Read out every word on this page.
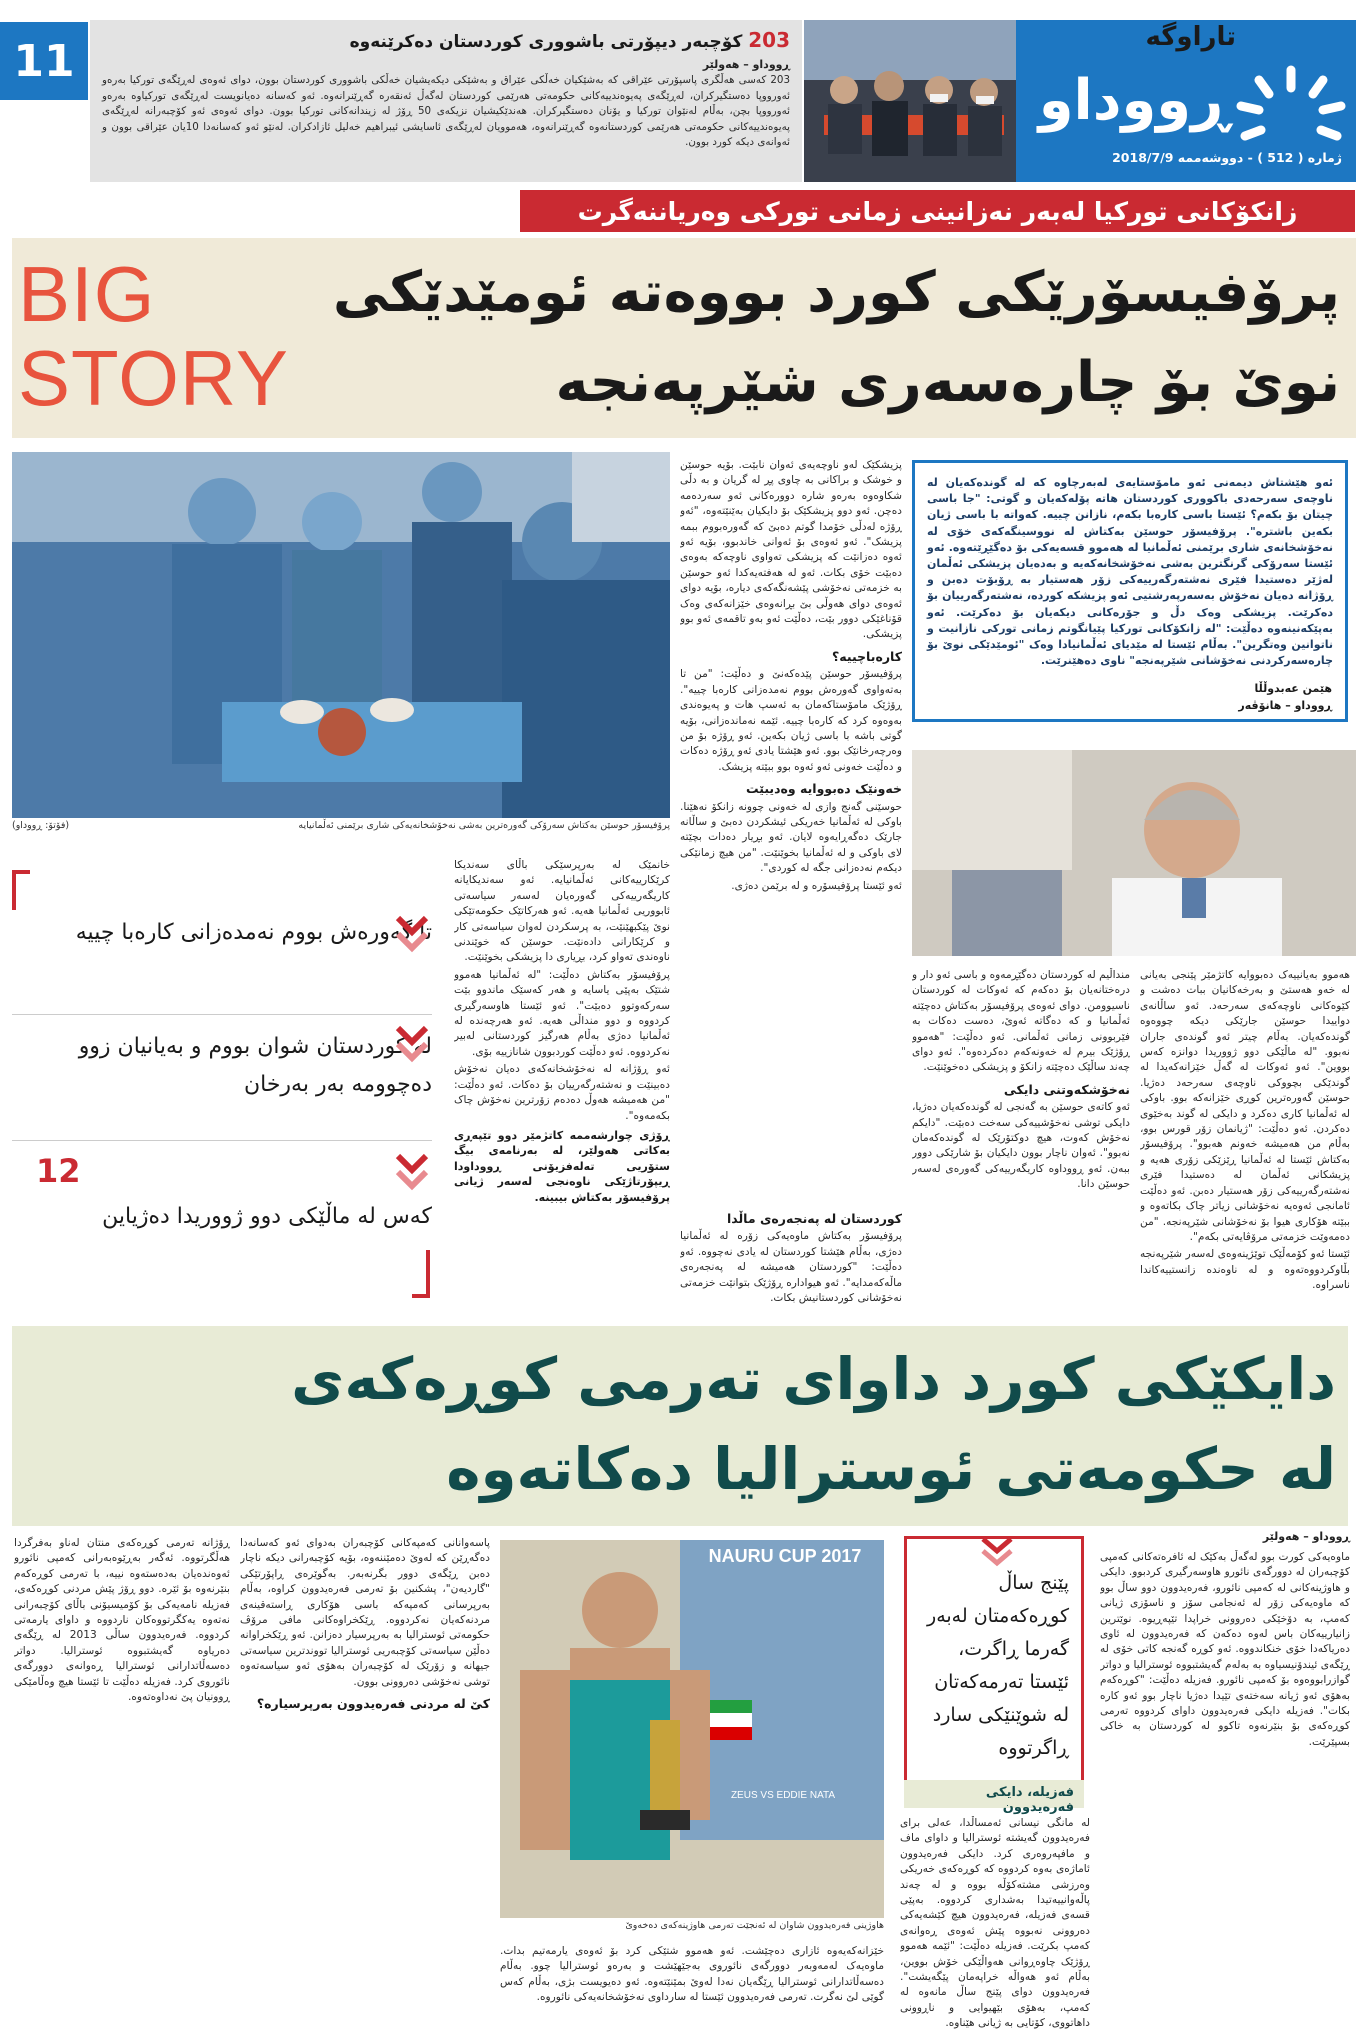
11	203 کۆچبەر دیپۆرتی باشووری کوردستان دەکرێنەوە
ڕووداو – هەولێر
203 کەسی هەڵگری پاسپۆرتی عێراقی کە بەشێکیان خەڵکی عێراق و بەشێکی دیکەیشیان خەڵکی باشووری کوردستان بوون، دوای ئەوەی لەڕێگەی تورکیا بەرەو ئەورووپا دەستگیرکران، لەڕێگەی پەیوەندییەکانی حکومەتی هەرێمی کوردستان لەگەڵ ئەنقەرە گەڕێنرانەوە. ئەو کەسانە دەیانویست لەڕێگەی تورکیاوە بەرەو ئەورووپا بچن، بەڵام لەنێوان تورکیا و یۆنان دەستگیرکران. هەندێکیشیان نزیکەی 50 ڕۆژ لە زیندانەکانی تورکیا بوون. دوای ئەوەی ئەو کۆچبەرانە لەڕێگەی پەیوەندییەکانی حکومەتی هەرێمی کوردستانەوە گەڕێنرانەوە، هەموویان لەڕێگەی ئاسایشی ئیبراهیم خەلیل ئازادکران. لەنێو ئەو کەسانەدا 10یان عێراقی بوون و ئەوانەی دیکە کورد بوون.
تاراوگە
ڕووداو
ژمارە ( 512 ) - دووشەممە 2018/7/9
زانکۆکانی تورکیا لەبەر نەزانینی زمانی تورکی وەریاننەگرت
BIG
STORY
پرۆفیسۆرێکی کورد بووەتە ئومێدێکی
نوێ بۆ چارەسەری شێرپەنجە
پرۆفیسۆر حوسێن بەکتاش سەرۆکی گەورەترین بەشی نەخۆشخانەیەکی شاری برێمنی ئەڵمانیایە
(فۆتۆ: ڕووداو)
پزیشکێک لەو ناوچەیەی ئەوان نابێت. بۆیە حوسێن و خوشک و براکانی بە چاوی پڕ لە گریان و بە دڵی شکاوەوە بەرەو شارە دوورەکانی ئەو سەردەمە دەچن. ئەو دوو پزیشکێک بۆ دایکیان بەێنێتەوە، "ئەو ڕۆژە لەدڵی خۆمدا گوتم دەبێ کە گەورەبووم ببمە پزیشک". ئەو ئەوەی بۆ ئەوانی خاندبوو، بۆیە ئەو ئەوە دەزانێت کە پزیشکی تەواوی ناوچەکە بەوەی دەبێت خۆی بکات. ئەو لە هەفتەیەکدا ئەو حوسێن بە خزمەتی نەخۆشی پێشەنگەکەی دیارە، بۆیە دوای ئەوەی دوای هەوڵی بێ بڕانەوەی خێزانەکەی وەک قۆناغێکی دوور بێت، دەڵێت ئەو بەو تاقمەی ئەو بوو پزیشکی.
کارەباچییە؟
پرۆفیسۆر حوسێن پێدەکەنێ و دەڵێت: "من تا بەتەواوی گەورەش بووم نەمدەزانی کارەبا چییە". ڕۆژێک مامۆستاکەمان بە ئەسپ هات و پەیوەندی بەوەوە کرد کە کارەبا چییە. ئێمە نەماندەزانی، بۆیە گوتی باشە با باسی ژیان بکەین. ئەو ڕۆژە بۆ من وەرچەرخانێک بوو. ئەو هێشتا یادی ئەو ڕۆژە دەکات و دەڵێت خەونی ئەو ئەوە بوو ببێتە پزیشک.
خەونێک دەبووایە وەدیبێت
حوسێنی گەنج وازی لە خەونی چوونە زانکۆ نەهێنا. باوکی لە ئەڵمانیا خەریکی ئیشکردن دەبێ و ساڵانە جارێک دەگەڕایەوە لایان. ئەو بڕیار دەدات بچێتە لای باوکی و لە ئەڵمانیا بخوێنێت. "من هیچ زمانێکی دیکەم نەدەزانی جگە لە کوردی".
ئەو ئێستا پرۆفیسۆرە و لە برێمن دەژی.
ئەو هێشتاش دیمەنی ئەو مامۆستایەی لەبەرچاوە کە لە گوندەکەیان لە ناوچەی سەرحەدی باکووری کوردستان هاتە پۆلەکەیان و گوتی: "جا باسی چیتان بۆ بکەم؟ ئێستا باسی کارەبا بکەم، نازانن چییە. کەواتە با باسی ژیان بکەین باشترە". پرۆفیسۆر حوسێن بەکتاش لە نووسینگەکەی خۆی لە نەخۆشخانەی شاری برێمنی ئەڵمانیا لە هەموو قسەیەکی بۆ دەگێڕێتەوە. ئەو ئێستا سەرۆکی گرنگترین بەشی نەخۆشخانەکەیە و بەدەیان پزیشکی ئەڵمان لەژێر دەستیدا فێری نەشتەرگەرییەکی زۆر هەستیار بە ڕۆبۆت دەبن و ڕۆژانە دەیان نەخۆش بەسەرپەرشتیی ئەو پزیشکە کوردە، نەشتەرگەرییان بۆ دەکرێت. پزیشکی وەک دڵ و جۆرەکانی دیکەیان بۆ دەکرێت. ئەو بەپێکەنینەوە دەڵێت: "لە زانکۆکانی تورکیا پێیانگوتم زمانی تورکی نازانیت و ناتوانین وەتگرین". بەڵام ئێستا لە مێدیای ئەڵمانیادا وەک "ئومێدێکی نوێ بۆ چارەسەرکردنی نەخۆشانی شێرپەنجە" ناوی دەهێنرێت.
هێمن عەبدوڵڵا
ڕووداو – هانۆڤەر
هەموو بەیانییەک دەبووایە کاتژمێر پێنجی بەیانی لە خەو هەستێ و بەرخەکانیان ببات دەشت و کێوەکانی ناوچەکەی سەرحەد. ئەو ساڵانەی دواییدا حوسێن جارێکی دیکە چووەوە گوندەکەیان. بەڵام چیتر ئەو گوندەی جاران نەبوو. "لە ماڵێکی دوو ژووریدا دوانزە کەس بووین". ئەو ئەوکات لە گەڵ خێزانەکەیدا لە گوندێکی بچووکی ناوچەی سەرحەد دەژیا. حوسێن گەورەترین کوڕی خێزانەکە بوو. باوکی لە ئەڵمانیا کاری دەکرد و دایکی لە گوند بەخێوی دەکردن. ئەو دەڵێت: "ژیانمان زۆر قورس بوو، بەڵام من هەمیشە خەونم هەبوو". پرۆفیسۆر بەکتاش ئێستا لە ئەڵمانیا ڕێزێکی زۆری هەیە و پزیشکانی ئەڵمان لە دەستیدا فێری نەشتەرگەرییەکی زۆر هەستیار دەبن. ئەو دەڵێت ئامانجی ئەوەیە نەخۆشانی زیاتر چاک بکاتەوە و ببێتە هۆکاری هیوا بۆ نەخۆشانی شێرپەنجە. "من دەمەوێت خزمەتی مرۆڤایەتی بکەم".
ئێستا ئەو کۆمەڵێک توێژینەوەی لەسەر شێرپەنجە بڵاوکردووەتەوە و لە ناوەندە زانستییەکاندا ناسراوە.
منداڵیم لە کوردستان دەگێڕمەوە و باسی ئەو دار و درەختانەیان بۆ دەکەم کە ئەوکات لە کوردستان ناسیوومن. دوای ئەوەی پرۆفیسۆر بەکتاش دەچێتە ئەڵمانیا و کە دەگاتە ئەوێ، دەست دەکات بە فێربوونی زمانی ئەڵمانی. ئەو دەڵێت: "هەموو ڕۆژێک بیرم لە خەونەکەم دەکردەوە". ئەو دوای چەند ساڵێک دەچێتە زانکۆ و پزیشکی دەخوێنێت.
نەخۆشکەوتنی دایکی
ئەو کاتەی حوسێن بە گەنجی لە گوندەکەیان دەژیا، دایکی توشی نەخۆشییەکی سەخت دەبێت. "دایکم نەخۆش کەوت، هیچ دوکتۆرێک لە گوندەکەمان نەبوو". ئەوان ناچار بوون دایکیان بۆ شارێکی دوور ببەن. ئەو ڕووداوە کاریگەرییەکی گەورەی لەسەر حوسێن دانا.
کوردستان لە پەنجەرەی ماڵدا
پرۆفیسۆر بەکتاش ماوەیەکی زۆرە لە ئەڵمانیا دەژی، بەڵام هێشتا کوردستان لە یادی نەچووە. ئەو دەڵێت: "کوردستان هەمیشە لە پەنجەرەی ماڵەکەمدایە". ئەو هیوادارە ڕۆژێک بتوانێت خزمەتی نەخۆشانی کوردستانیش بکات.
خانمێک لە بەرپرسێکی باڵای سەندیکا کرێکارییەکانی ئەڵمانیایە. ئەو سەندیکایانە کاریگەرییەکی گەورەیان لەسەر سیاسەتی ئابووریی ئەڵمانیا هەیە. ئەو هەرکاتێک حکومەتێکی نوێ پێکبهێنێت، بە پرسکردن لەوان سیاسەتی کار و کرێکارانی دادەنێت. حوسێن کە خوێندنی ناوەندی تەواو کرد، بڕیاری دا پزیشکی بخوێنێت.
پرۆفیسۆر بەکتاش دەڵێت: "لە ئەڵمانیا هەموو شتێک بەپێی یاسایە و هەر کەسێک ماندوو بێت سەرکەوتوو دەبێت". ئەو ئێستا هاوسەرگیری کردووە و دوو منداڵی هەیە. ئەو هەرچەندە لە ئەڵمانیا دەژی بەڵام هەرگیز کوردستانی لەبیر نەکردووە. ئەو دەڵێت کوردبوون شانازییە بۆی.
ئەو ڕۆژانە لە نەخۆشخانەکەی دەیان نەخۆش دەبینێت و نەشتەرگەرییان بۆ دەکات. ئەو دەڵێت: "من هەمیشە هەوڵ دەدەم زۆرترین نەخۆش چاک بکەمەوە".
ڕۆژی چوارشەممە کاتژمێر دوو تێپەڕی بەکاتی هەولێر، لە بەرنامەی بیگ ستۆریی تەلەفزیۆنی ڕووداودا ڕیپۆرتاژێکی ناوەنجی لەسەر ژیانی پرۆفیسۆر بەکتاش بیبینە.
تا گەورەش بووم نەمدەزانی کارەبا چییە
لە کوردستان شوان بووم و بەیانیان زوو دەچوومە بەر بەرخان
12
کەس لە ماڵێکی دوو ژووریدا دەژیاین
دایکێکی کورد داوای تەرمی کوڕەکەی
لە حکومەتی ئوسترالیا دەکاتەوە
ڕووداو – هەولێر
ماوەیەکی کورت بوو لەگەڵ بەکێک لە ئافرەتەکانی کەمپی کۆچبەران لە دوورگەی نائورو هاوسەرگیری کردبوو. دایکی و هاوژینەکانی لە کەمپی نائورو، فەرەیدوون دوو ساڵ بوو کە ماوەیەکی زۆر لە ئەنجامی سۆز و ناسۆزی ژیانی کەمپ، بە دۆخێکی دەروونی خراپدا تێپەڕیوە. نوێترین زانیارییەکان باس لەوە دەکەن کە فەرەیدوون لە ئاوی دەریاکەدا خۆی خنکاندووە. ئەو کوڕە گەنجە کاتی خۆی لە ڕێگەی ئیندۆنیسیاوە بە بەلەم گەیشتبووە ئوسترالیا و دواتر گوازرابووەوە بۆ کەمپی نائورو. فەزیلە دەڵێت: "کوڕەکەم بەهۆی ئەو ژیانە سەختەی تێیدا دەژیا ناچار بوو ئەو کارە بکات". فەزیلە دایکی فەرەیدوون داوای کردووە تەرمی کوڕەکەی بۆ بنێرنەوە تاکوو لە کوردستان بە خاکی بسپێرێت.
پێنج ساڵ کوڕەکەمتان لەبەر گەرما ڕاگرت، ئێستا تەرمەکەتان لە شوێنێکی سارد ڕاگرتووە
فەزیلە، دایکی فەرەیدوون
لە مانگی نیسانی ئەمساڵدا، عەلی برای فەرەیدوون گەیشتە ئوسترالیا و داوای ماف و مافپەروەری کرد. دایکی فەرەیدوون ئاماژەی بەوە کردووە کە کوڕەکەی خەریکی وەرزشی مشتەکۆڵە بووە و لە چەند پاڵەوانییەتیدا بەشداری کردووە. بەپێی قسەی فەزیلە، فەرەیدوون هیچ کێشەیەکی دەروونی نەبووە پێش ئەوەی ڕەوانەی کەمپ بکرێت. فەزیلە دەڵێت: "ئێمە هەموو ڕۆژێک چاوەڕوانی هەواڵێکی خۆش بووین، بەڵام ئەو هەواڵە خراپەمان پێگەیشت". فەرەیدوون دوای پێنج ساڵ مانەوە لە کەمپ، بەهۆی بێهیوایی و ناڕوونی داهاتووی، کۆتایی بە ژیانی هێناوە.
NAURU CUP 2017
ZEUS VS EDDIE NATA
هاوژینی فەرەیدوون شاوان لە ئەنجێت تەرمی هاوژینەکەی دەخەوێ
خێزانەکەیەوە ئازاری دەچێشت. ئەو هەموو شتێکی کرد بۆ ئەوەی یارمەتیم بدات. ماوەیەک لەمەوبەر دوورگەی نائوروی بەجێهێشت و بەرەو ئوسترالیا چوو. بەڵام دەسەڵاتدارانی ئوسترالیا ڕێگەیان نەدا لەوێ بمێنێتەوە. ئەو دەیویست بژی، بەڵام کەس گوێی لێ نەگرت. تەرمی فەرەیدوون ئێستا لە سارداوی نەخۆشخانەیەکی نائوروە.
پاسەوانانی کەمپەکانی کۆچبەران بەدوای ئەو کەسانەدا دەگەڕێن کە لەوێ دەمێننەوە، بۆیە کۆچبەرانی دیکە ناچار دەبن ڕێگەی دوور بگرنەبەر. بەگوێرەی ڕاپۆرتێکی "گاردیەن"، پشکنین بۆ تەرمی فەرەیدوون کراوە، بەڵام بەرپرسانی کەمپەکە باسی هۆکاری ڕاستەقینەی مردنەکەیان نەکردووە. ڕێکخراوەکانی مافی مرۆڤ حکومەتی ئوسترالیا بە بەرپرسیار دەزانن. ئەو ڕێکخراوانە دەڵێن سیاسەتی کۆچبەریی ئوسترالیا تووندترین سیاسەتی جیهانە و زۆرێک لە کۆچبەران بەهۆی ئەو سیاسەتەوە توشی نەخۆشی دەروونی بوون.
کێ لە مردنی فەرەیدوون بەرپرسیارە؟
ڕۆژانە تەرمی کوڕەکەی منتان لەناو بەفرگردا هەڵگرتووە. ئەگەر بەڕێوەبەرانی کەمپی نائورو ئەوەندەیان بەدەستەوە نییە، با تەرمی کوڕەکەم بنێرنەوە بۆ ئێرە. دوو ڕۆژ پێش مردنی کوڕەکەی، فەزیلە نامەیەکی بۆ کۆمیسیۆنی باڵای کۆچبەرانی نەتەوە یەکگرتووەکان ناردووە و داوای یارمەتی کردووە. فەرەیدوون ساڵی 2013 لە ڕێگەی دەریاوە گەیشتبووە ئوسترالیا. دواتر دەسەڵاتدارانی ئوسترالیا ڕەوانەی دوورگەی نائوروی کرد. فەزیلە دەڵێت تا ئێستا هیچ وەڵامێکی ڕوونیان پێ نەداوەتەوە.
